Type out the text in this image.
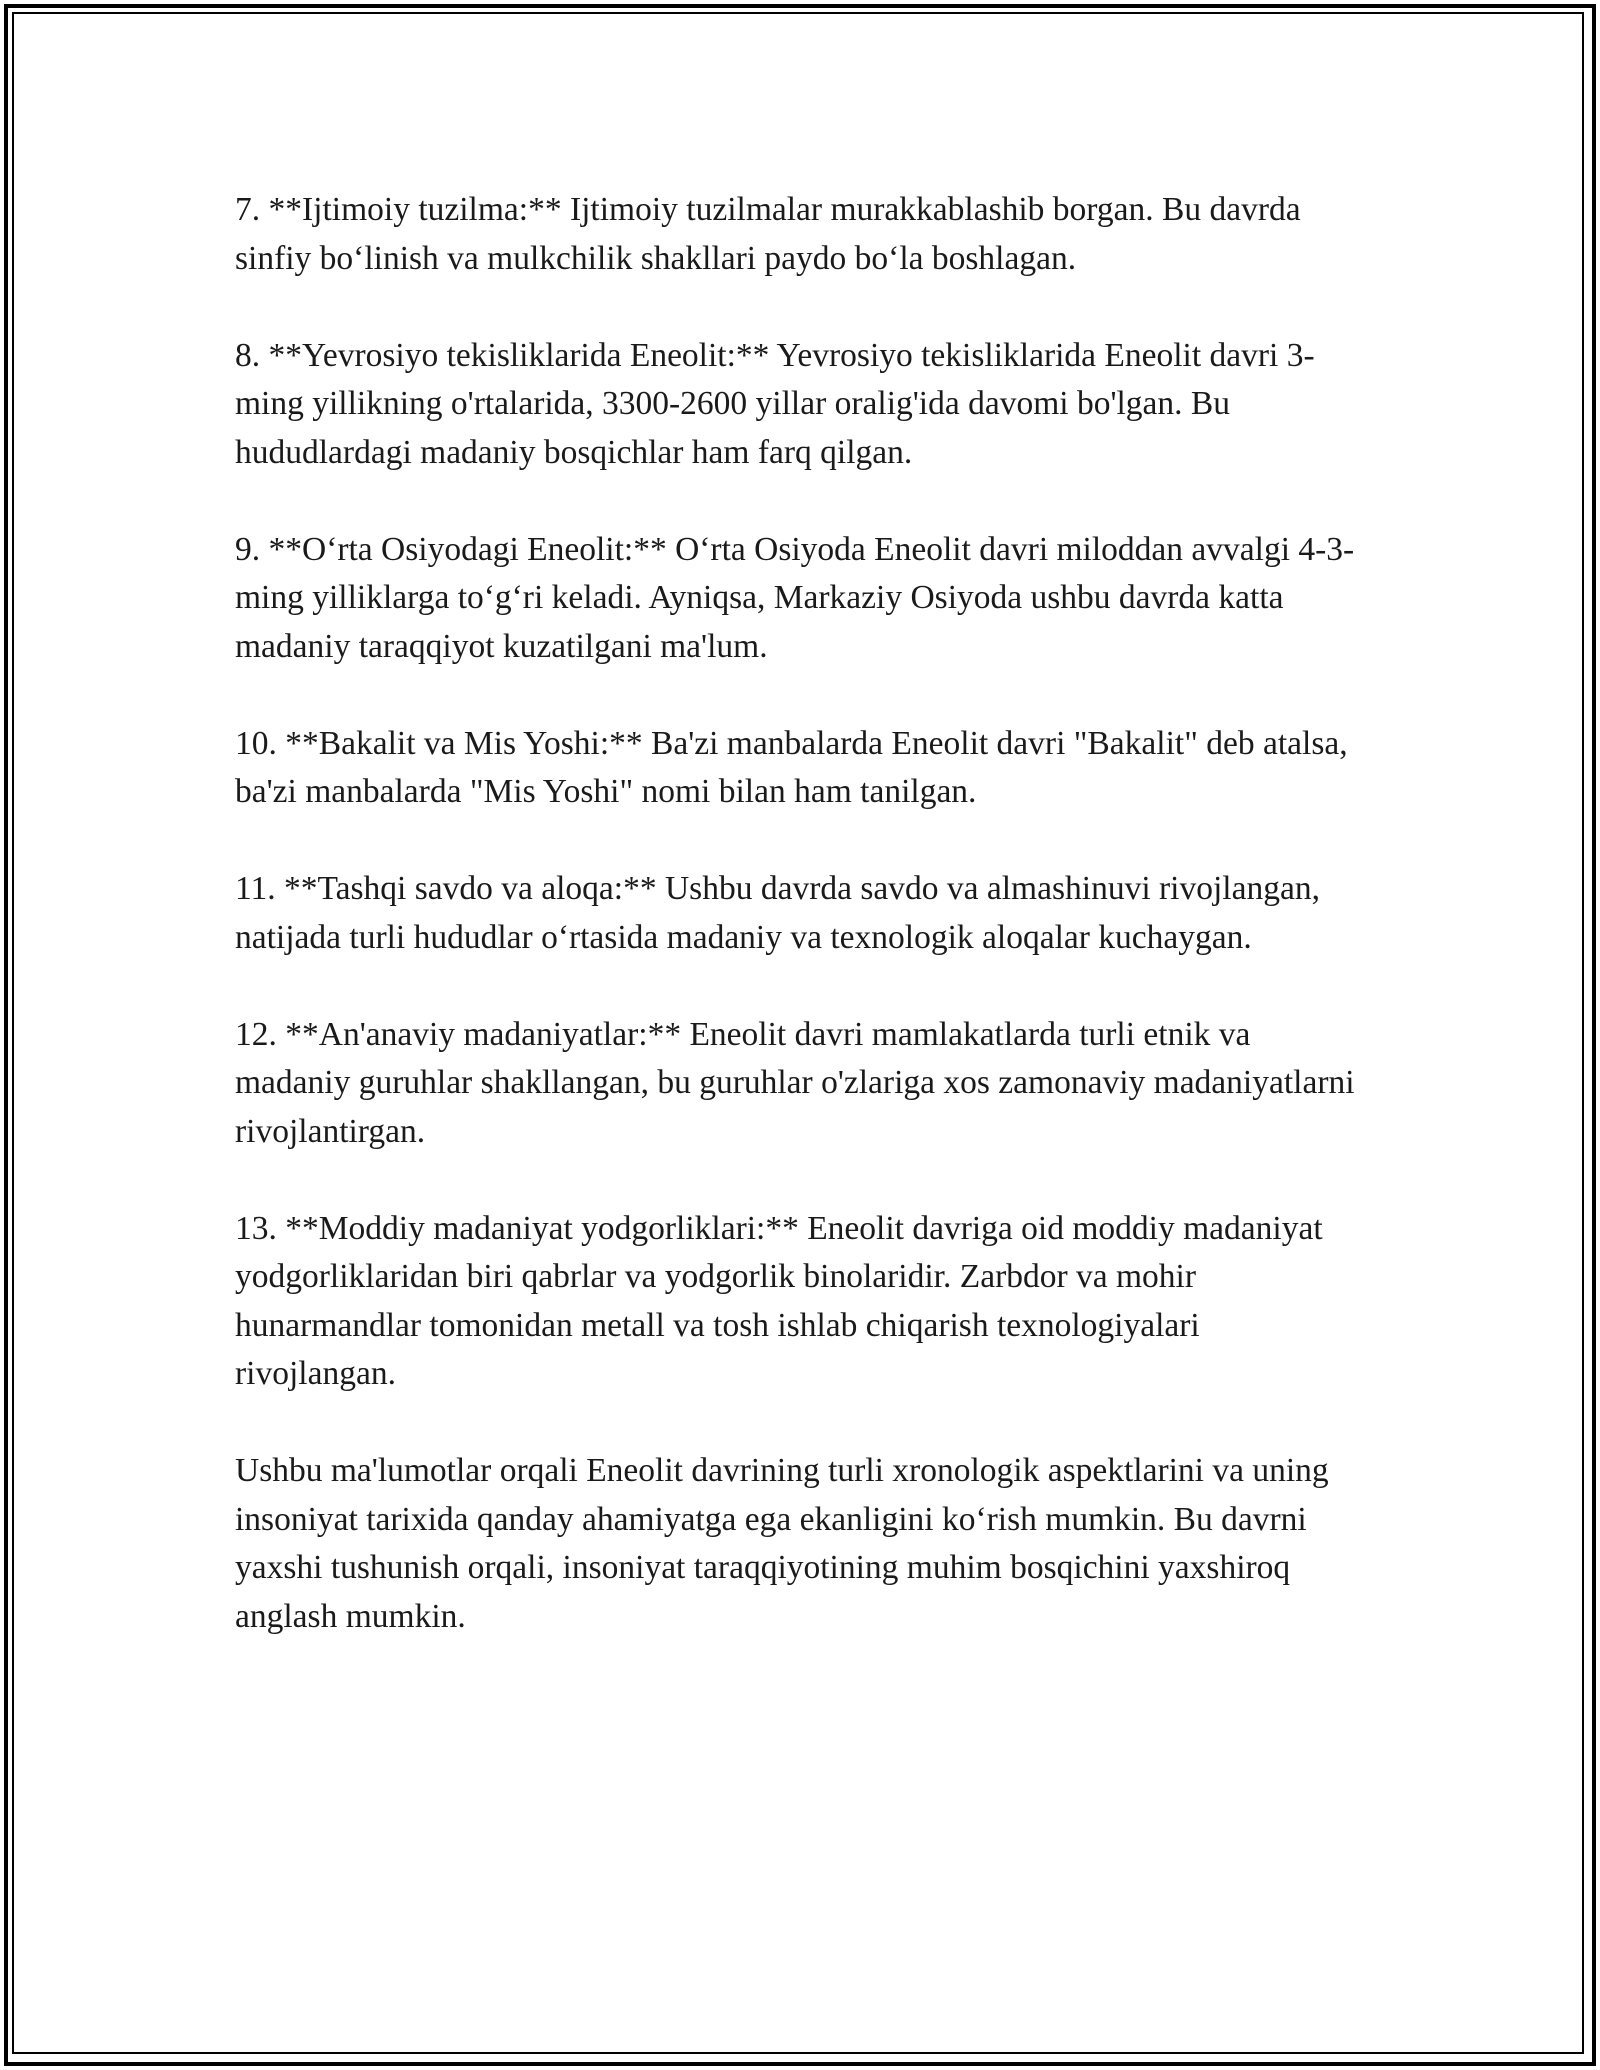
7. **Ijtimoiy tuzilma:** Ijtimoiy tuzilmalar murakkablashib borgan. Bu davrda sinfiy bo‘linish va mulkchilik shakllari paydo bo‘la boshlagan.

8. **Yevrosiyo tekisliklarida Eneolit:** Yevrosiyo tekisliklarida Eneolit davri 3-ming yillikning o'rtalarida, 3300-2600 yillar oralig'ida davomi bo'lgan. Bu hududlardagi madaniy bosqichlar ham farq qilgan.

9. **O‘rta Osiyodagi Eneolit:** O‘rta Osiyoda Eneolit davri miloddan avvalgi 4-3-ming yilliklarga to‘g‘ri keladi. Ayniqsa, Markaziy Osiyoda ushbu davrda katta madaniy taraqqiyot kuzatilgani ma'lum.

10. **Bakalit va Mis Yoshi:** Ba'zi manbalarda Eneolit davri "Bakalit" deb atalsa, ba'zi manbalarda "Mis Yoshi" nomi bilan ham tanilgan.

11. **Tashqi savdo va aloqa:** Ushbu davrda savdo va almashinuvi rivojlangan, natijada turli hududlar o‘rtasida madaniy va texnologik aloqalar kuchaygan.

12. **An'anaviy madaniyatlar:** Eneolit davri mamlakatlarda turli etnik va madaniy guruhlar shakllangan, bu guruhlar o'zlariga xos zamonaviy madaniyatlarni rivojlantirgan.

13. **Moddiy madaniyat yodgorliklari:** Eneolit davriga oid moddiy madaniyat yodgorliklaridan biri qabrlar va yodgorlik binolaridir. Zarbdor va mohir hunarmandlar tomonidan metall va tosh ishlab chiqarish texnologiyalari rivojlangan.

Ushbu ma'lumotlar orqali Eneolit davrining turli xronologik aspektlarini va uning insoniyat tarixida qanday ahamiyatga ega ekanligini ko‘rish mumkin. Bu davrni yaxshi tushunish orqali, insoniyat taraqqiyotining muhim bosqichini yaxshiroq anglash mumkin.
